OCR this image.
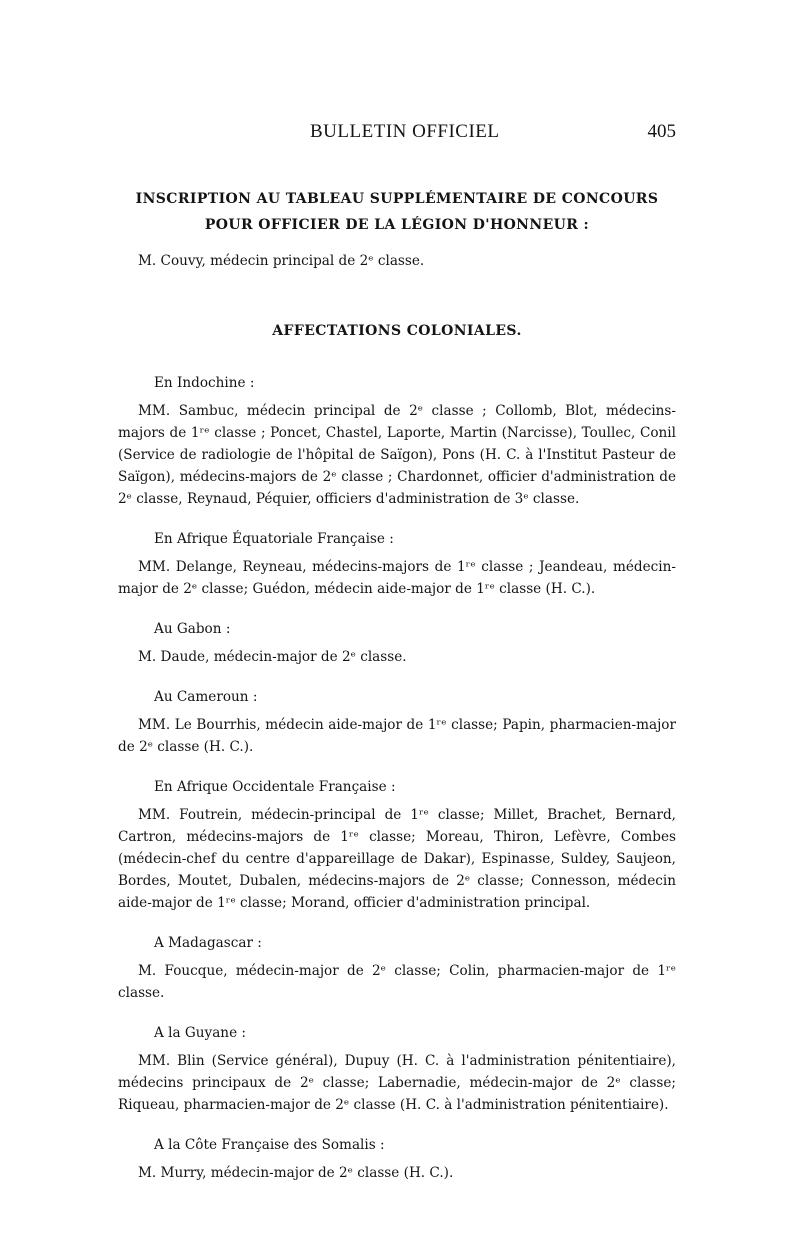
BULLETIN OFFICIEL	405

INSCRIPTION AU TABLEAU SUPPLÉMENTAIRE DE CONCOURS

POUR OFFICIER DE LA LÉGION D'HONNEUR :

M. Couvy, médecin principal de 2ᵉ classe.

AFFECTATIONS COLONIALES.

En Indochine :

MM. Sambuc, médecin principal de 2ᵉ classe ; Collomb, Blot, médecins-majors de 1ʳᵉ classe ; Poncet, Chastel, Laporte, Martin (Narcisse), Toullec, Conil (Service de radiologie de l'hôpital de Saïgon), Pons (H. C. à l'Institut Pasteur de Saïgon), médecins-majors de 2ᵉ classe ; Chardonnet, officier d'administration de 2ᵉ classe, Reynaud, Péquier, officiers d'administration de 3ᵉ classe.

En Afrique Équatoriale Française :

MM. Delange, Reyneau, médecins-majors de 1ʳᵉ classe ; Jeandeau, médecin-major de 2ᵉ classe; Guédon, médecin aide-major de 1ʳᵉ classe (H. C.).

Au Gabon :

M. Daude, médecin-major de 2ᵉ classe.

Au Cameroun :

MM. Le Bourrhis, médecin aide-major de 1ʳᵉ classe; Papin, pharmacien-major de 2ᵉ classe (H. C.).

En Afrique Occidentale Française :

MM. Foutrein, médecin-principal de 1ʳᵉ classe; Millet, Brachet, Bernard, Cartron, médecins-majors de 1ʳᵉ classe; Moreau, Thiron, Lefèvre, Combes (médecin-chef du centre d'appareillage de Dakar), Espinasse, Suldey, Saujeon, Bordes, Moutet, Dubalen, médecins-majors de 2ᵉ classe; Connesson, médecin aide-major de 1ʳᵉ classe; Morand, officier d'administration principal.

A Madagascar :

M. Foucque, médecin-major de 2ᵉ classe; Colin, pharmacien-major de 1ʳᵉ classe.

A la Guyane :

MM. Blin (Service général), Dupuy (H. C. à l'administration pénitentiaire), médecins principaux de 2ᵉ classe; Labernadie, médecin-major de 2ᵉ classe; Riqueau, pharmacien-major de 2ᵉ classe (H. C. à l'administration pénitentiaire).

A la Côte Française des Somalis :

M. Murry, médecin-major de 2ᵉ classe (H. C.).
